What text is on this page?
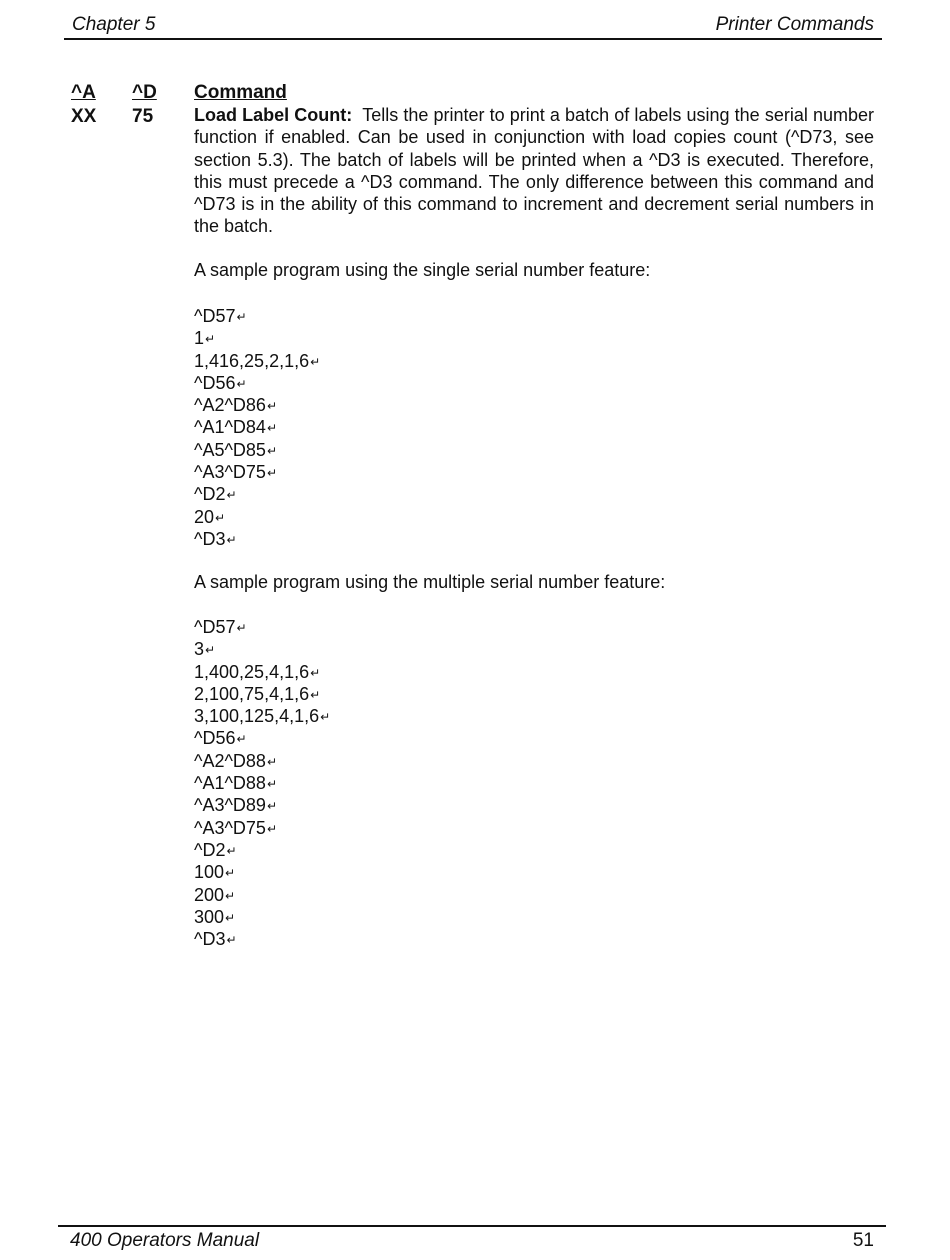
Chapter 5	Printer Commands
^A ^D Command
XX 75 Load Label Count: Tells the printer to print a batch of labels using the serial number function if enabled. Can be used in conjunction with load copies count (^D73, see section 5.3). The batch of labels will be printed when a ^D3 is executed. Therefore, this must precede a ^D3 command. The only difference between this command and ^D73 is in the ability of this command to increment and decrement serial numbers in the batch.
A sample program using the single serial number feature:
^D57↵
1↵
1,416,25,2,1,6↵
^D56↵
^A2^D86↵
^A1^D84↵
^A5^D85↵
^A3^D75↵
^D2↵
20↵
^D3↵
A sample program using the multiple serial number feature:
^D57↵
3↵
1,400,25,4,1,6↵
2,100,75,4,1,6↵
3,100,125,4,1,6↵
^D56↵
^A2^D88↵
^A1^D88↵
^A3^D89↵
^A3^D75↵
^D2↵
100↵
200↵
300↵
^D3↵
400 Operators Manual	51
